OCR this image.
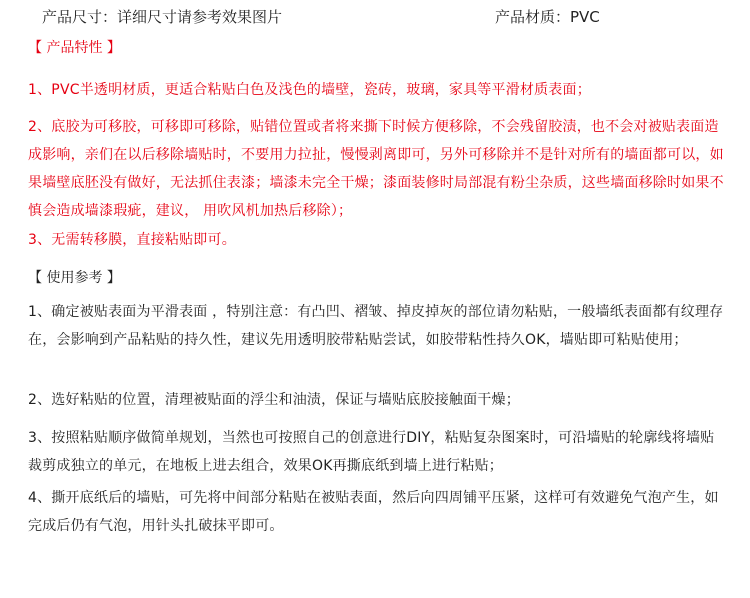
产品尺寸：详细尺寸请参考效果图片	产品材质：PVC
【 产品特性 】
1、PVC半透明材质，更适合粘贴白色及浅色的墙壁，瓷砖，玻璃，家具等平滑材质表面；
2、底胶为可移胶，可移即可移除，贴错位置或者将来撕下时候方便移除，不会残留胶渍，也不会对被贴表面造成影响，亲们在以后移除墙贴时，不要用力拉扯，慢慢剥离即可，另外可移除并不是针对所有的墙面都可以，如果墙壁底胚没有做好，无法抓住表漆；墙漆未完全干燥；漆面装修时局部混有粉尘杂质，这些墙面移除时如果不慎会造成墙漆瑕疵，建议， 用吹风机加热后移除）；
3、无需转移膜，直接粘贴即可。
【 使用参考 】
1、确定被贴表面为平滑表面 ，特别注意：有凸凹、褶皱、掉皮掉灰的部位请勿粘贴，一般墙纸表面都有纹理存在，会影响到产品粘贴的持久性，建议先用透明胶带粘贴尝试，如胶带粘性持久OK，墙贴即可粘贴使用；
2、选好粘贴的位置，清理被贴面的浮尘和油渍，保证与墙贴底胶接触面干燥；
3、按照粘贴顺序做简单规划，当然也可按照自己的创意进行DIY，粘贴复杂图案时，可沿墙贴的轮廓线将墙贴裁剪成独立的单元，在地板上进去组合，效果OK再撕底纸到墙上进行粘贴；
4、撕开底纸后的墙贴，可先将中间部分粘贴在被贴表面，然后向四周铺平压紧，这样可有效避免气泡产生，如完成后仍有气泡，用针头扎破抹平即可。
